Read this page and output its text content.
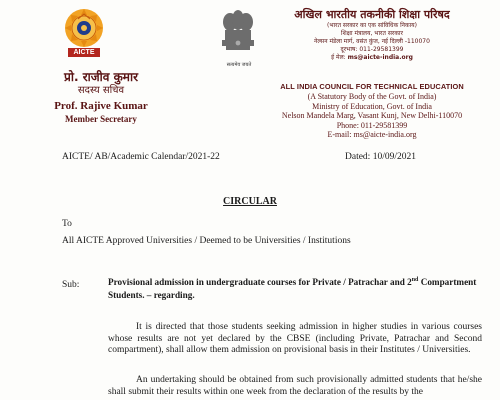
AICTE
सत्यमेव जयते
प्रो. राजीव कुमार
सदस्य सचिव
Prof. Rajive Kumar
Member Secretary
अखिल भारतीय तकनीकी शिक्षा परिषद
(भारत सरकार का एक सांविधिक निकाय)
शिक्षा मंत्रालय, भारत सरकार
नेल्सन मंडेला मार्ग, वसंत कुंज, नई दिल्ली -110070
दूरभाष: 011-29581399
ई मेल: ms@aicte-india.org
ALL INDIA COUNCIL FOR TECHNICAL EDUCATION
(A Statutory Body of the Govt. of India)
Ministry of Education, Govt. of India
Nelson Mandela Marg, Vasant Kunj, New Delhi-110070
Phone: 011-29581399
E-mail: ms@aicte-india.org
AICTE/ AB/Academic Calendar/2021-22	Dated: 10/09/2021
CIRCULAR
To
All AICTE Approved Universities / Deemed to be Universities / Institutions
Sub:	Provisional admission in undergraduate courses for Private / Patrachar and 2nd Compartment Students. – regarding.
It is directed that those students seeking admission in higher studies in various courses whose results are not yet declared by the CBSE (including Private, Patrachar and Second compartment), shall allow them admission on provisional basis in their Institutes / Universities.
An undertaking should be obtained from such provisionally admitted students that he/she shall submit their results within one week from the declaration of the results by the
